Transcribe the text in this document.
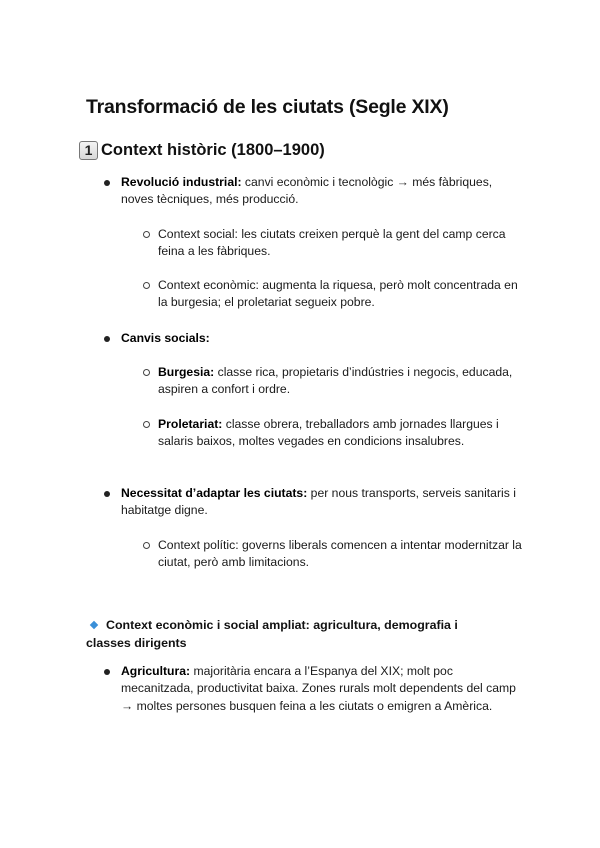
Transformació de les ciutats (Segle XIX)
1 Context històric (1800–1900)
Revolució industrial: canvi econòmic i tecnològic → més fàbriques, noves tècniques, més producció.
Context social: les ciutats creixen perquè la gent del camp cerca feina a les fàbriques.
Context econòmic: augmenta la riquesa, però molt concentrada en la burgesia; el proletariat segueix pobre.
Canvis socials:
Burgesia: classe rica, propietaris d’indústries i negocis, educada, aspiren a confort i ordre.
Proletariat: classe obrera, treballadors amb jornades llargues i salaris baixos, moltes vegades en condicions insalubres.
Necessitat d’adaptar les ciutats: per nous transports, serveis sanitaris i habitatge digne.
Context polític: governs liberals comencen a intentar modernitzar la ciutat, però amb limitacions.
Context econòmic i social ampliat: agricultura, demografia i classes dirigents
Agricultura: majoritària encara a l’Espanya del XIX; molt poc mecanitzada, productivitat baixa. Zones rurals molt dependents del camp → moltes persones busquen feina a les ciutats o emigren a Amèrica.
